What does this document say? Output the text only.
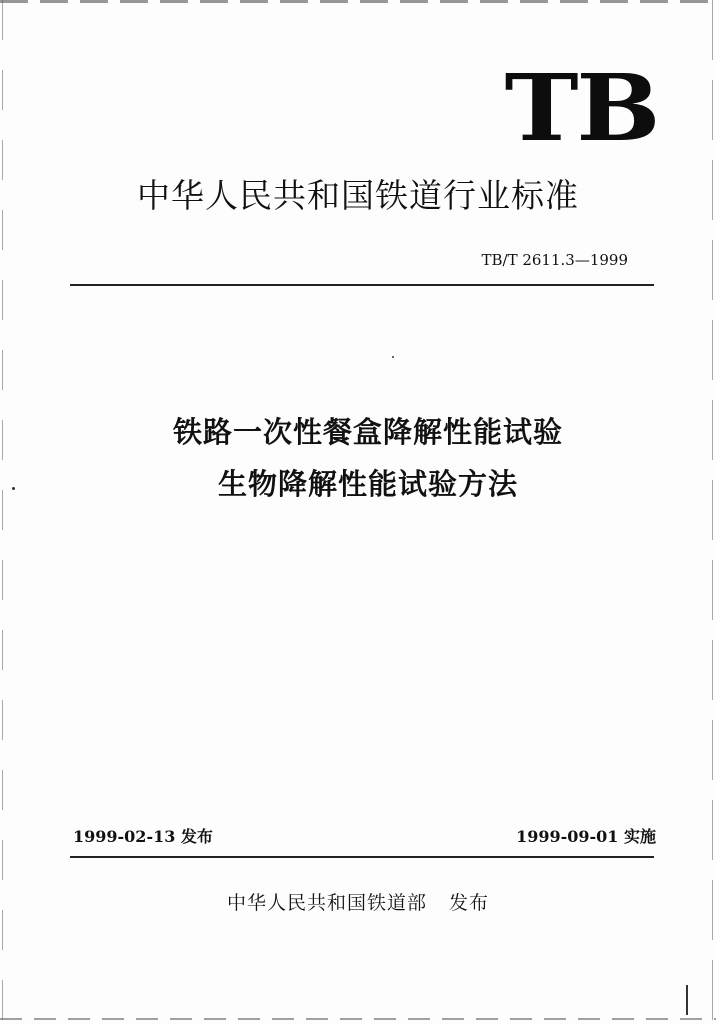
TB
中华人民共和国铁道行业标准
TB/T 2611.3—1999
铁路一次性餐盒降解性能试验
生物降解性能试验方法
1999-02-13 发布	1999-09-01 实施
中华人民共和国铁道部 发布
